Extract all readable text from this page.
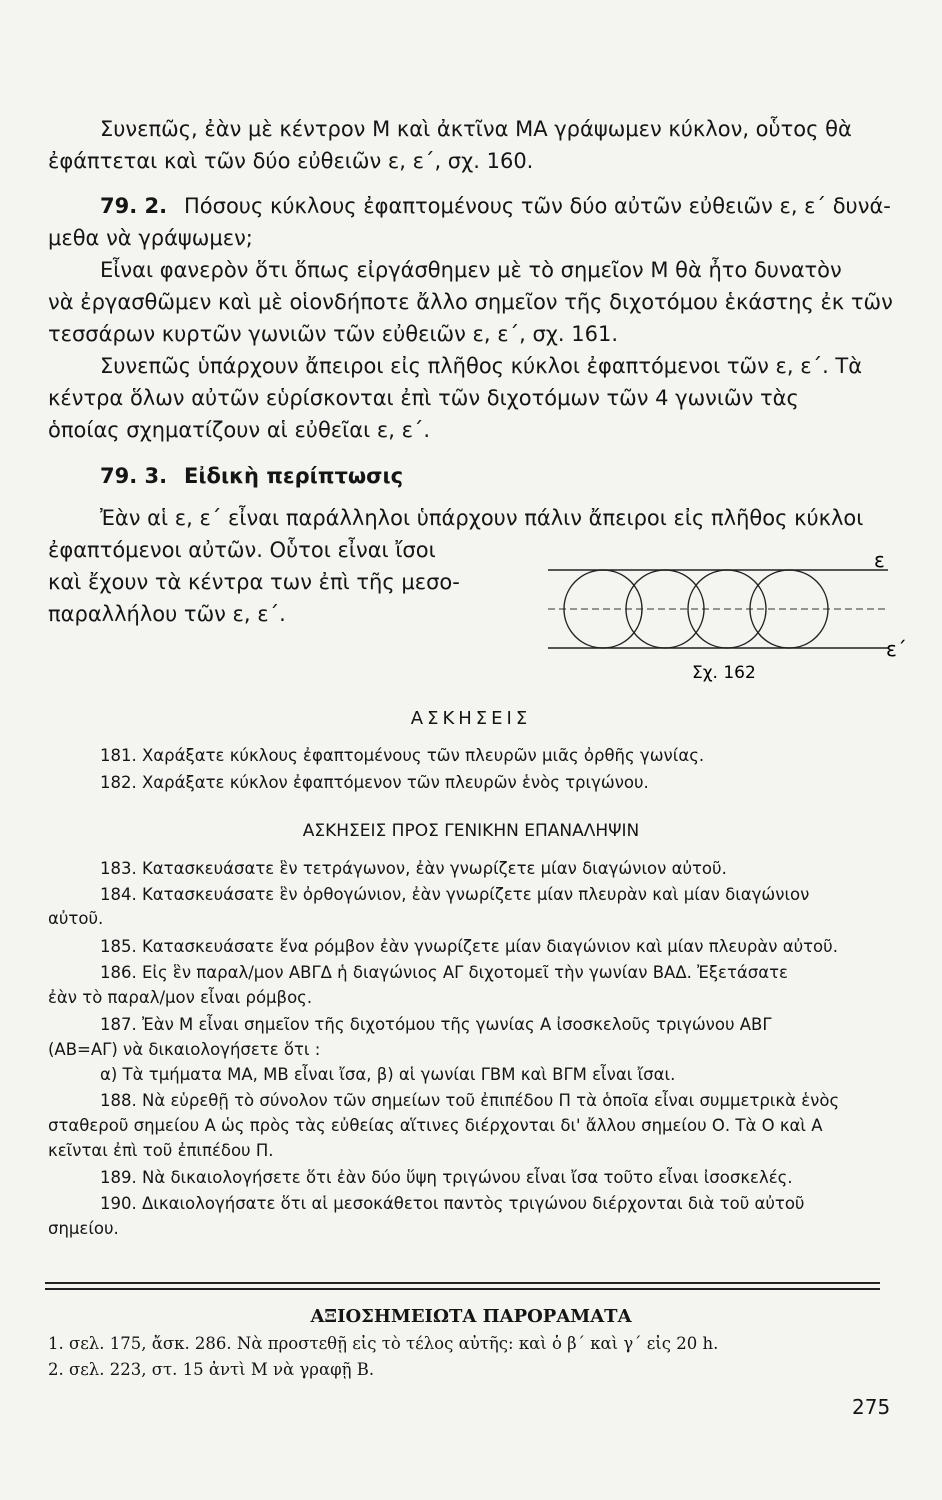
Συνεπῶς, ἐὰν μὲ κέντρον Μ καὶ ἀκτῖνα ΜΑ γράψωμεν κύκλον, οὗτος θὰ
ἐφάπτεται καὶ τῶν δύο εὐθειῶν ε, ε΄, σχ. 160.
79. 2. Πόσους κύκλους ἐφαπτομένους τῶν δύο αὐτῶν εὐθειῶν ε, ε΄ δυνά-
μεθα νὰ γράψωμεν;
Εἶναι φανερὸν ὅτι ὅπως εἰργάσθημεν μὲ τὸ σημεῖον Μ θὰ ἦτο δυνατὸν
νὰ ἐργασθῶμεν καὶ μὲ οἱονδήποτε ἄλλο σημεῖον τῆς διχοτόμου ἑκάστης ἐκ τῶν
τεσσάρων κυρτῶν γωνιῶν τῶν εὐθειῶν ε, ε΄, σχ. 161.
Συνεπῶς ὑπάρχουν ἄπειροι εἰς πλῆθος κύκλοι ἐφαπτόμενοι τῶν ε, ε΄. Τὰ
κέντρα ὅλων αὐτῶν εὑρίσκονται ἐπὶ τῶν διχοτόμων τῶν 4 γωνιῶν τὰς
ὁποίας σχηματίζουν αἱ εὐθεῖαι ε, ε΄.
79. 3. Εἰδικὴ περίπτωσις
Ἐὰν αἱ ε, ε΄ εἶναι παράλληλοι ὑπάρχουν πάλιν ἄπειροι εἰς πλῆθος κύκλοι
ἐφαπτόμενοι αὐτῶν. Οὗτοι εἶναι ἴσοι
καὶ ἔχουν τὰ κέντρα των ἐπὶ τῆς μεσο-
παραλλήλου τῶν ε, ε΄.
ε
ε΄
Σχ. 162
ΑΣΚΗΣΕΙΣ
181. Χαράξατε κύκλους ἐφαπτομένους τῶν πλευρῶν μιᾶς ὀρθῆς γωνίας.
182. Χαράξατε κύκλον ἐφαπτόμενον τῶν πλευρῶν ἑνὸς τριγώνου.
ΑΣΚΗΣΕΙΣ ΠΡΟΣ ΓΕΝΙΚΗΝ ΕΠΑΝΑΛΗΨΙΝ
183. Κατασκευάσατε ἓν τετράγωνον, ἐὰν γνωρίζετε μίαν διαγώνιον αὐτοῦ.
184. Κατασκευάσατε ἓν ὀρθογώνιον, ἐὰν γνωρίζετε μίαν πλευρὰν καὶ μίαν διαγώνιον
αὐτοῦ.
185. Κατασκευάσατε ἕνα ρόμβον ἐὰν γνωρίζετε μίαν διαγώνιον καὶ μίαν πλευρὰν αὐτοῦ.
186. Εἰς ἓν παραλ/μον ΑΒΓΔ ἡ διαγώνιος ΑΓ διχοτομεῖ τὴν γωνίαν ΒΑΔ. Ἐξετάσατε
ἐὰν τὸ παραλ/μον εἶναι ρόμβος.
187. Ἐὰν Μ εἶναι σημεῖον τῆς διχοτόμου τῆς γωνίας Α ἰσοσκελοῦς τριγώνου ΑΒΓ
(ΑΒ=ΑΓ) νὰ δικαιολογήσετε ὅτι :
α) Τὰ τμήματα ΜΑ, ΜΒ εἶναι ἴσα, β) αἱ γωνίαι ΓΒΜ καὶ ΒΓΜ εἶναι ἴσαι.
188. Νὰ εὑρεθῇ τὸ σύνολον τῶν σημείων τοῦ ἐπιπέδου Π τὰ ὁποῖα εἶναι συμμετρικὰ ἑνὸς
σταθεροῦ σημείου Α ὡς πρὸς τὰς εὐθείας αἵτινες διέρχονται δι' ἄλλου σημείου Ο. Τὰ Ο καὶ Α
κεῖνται ἐπὶ τοῦ ἐπιπέδου Π.
189. Νὰ δικαιολογήσετε ὅτι ἐὰν δύο ὕψη τριγώνου εἶναι ἴσα τοῦτο εἶναι ἰσοσκελές.
190. Δικαιολογήσατε ὅτι αἱ μεσοκάθετοι παντὸς τριγώνου διέρχονται διὰ τοῦ αὐτοῦ
σημείου.
ΑΞΙΟΣΗΜΕΙΩΤΑ ΠΑΡΟΡΑΜΑΤΑ
1. σελ. 175, ἄσκ. 286. Νὰ προστεθῇ εἰς τὸ τέλος αὐτῆς: καὶ ὁ β΄ καὶ γ΄ εἰς 20 h.
2. σελ. 223, στ. 15 ἀντὶ Μ νὰ γραφῇ Β.
275
